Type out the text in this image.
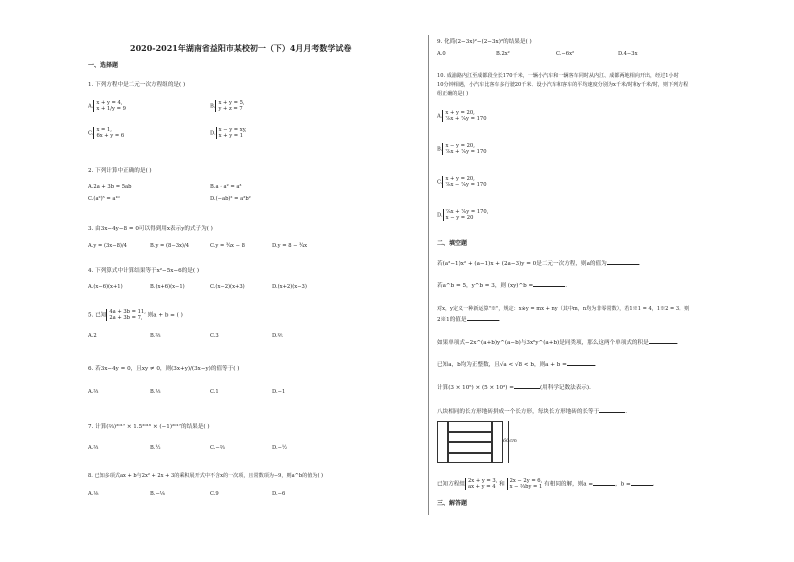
2020-2021年湖南省益阳市某校初一（下）4月月考数学试卷
一、选择题
1. 下列方程中是二元一次方程组的是( )
A.x + y = 4,
x + 1/y = 9	B.x + y = 5,
y + z = 7
C.x = 1,
6x + y = 6	D.x − y = xy,
x + y = 1
2. 下列计算中正确的是( )
A.2a + 3b = 5ab	B.a · a² = a³
C.(a²)⁵ = a¹⁰	D.(−ab)² = a²b²
3. 由3x−4y−8 = 0可以得到用x表示y的式子为( )
A.y = (3x−8)/4	B.y = (8−3x)/4	C.y = ¾x − 8	D.y = 8 − ¾x
4. 下列算式中计算结果等于x²−5x−6的是( )
A.(x−6)(x+1)	B.(x+6)(x−1)	C.(x−2)(x+3)	D.(x+2)(x−3)
5. 已知4a + 3b = 11,
2a + 3b = 7, 则a + b = ( )
A.2	B.⅔	C.3	D.⅖
6. 若3x−4y = 0，且xy ≠ 0，则(3x+y)/(3x−y)的值等于( )
A.⅔	B.⅓	C.1	D.−1
7. 计算(⅔)²⁰¹⁷ × 1.5²⁰¹⁶ × (−1)²⁰¹⁷的结果是( )
A.⅔	B.½	C.−⅔	D.−½
8. 已知多项式ax + b与2x² + 2x + 3的乘积展开式中不含x的一次项，且常数项为−9，则a^b的值为( )
A.⅛	B.−⅛	C.9	D.−6
9. 化简(2−3x)²−(2−3x)²的结果是( )
A.0	B.2x²	C.−6x²	D.4−3x
10. 成渝路内江至成都段全长170千米，一辆小汽车和一辆客车同时从内江、成都两地相向开出，经过1小时
10分钟相遇，小汽车比客车多行驶20千米．设小汽车和客车的平均速度分别为x千米/时和y千米/时，则下列方程
组正确的是( )
A.x + y = 20,
⁷⁄₆x + ⁷⁄₆y = 170
B.x − y = 20,
⁷⁄₆x + ⁷⁄₆y = 170
C.x + y = 20,
⁷⁄₆x − ⁷⁄₆y = 170
D.⁷⁄₆x + ⁷⁄₆y = 170,
x − y = 20
二、填空题
若(a²−1)x² + (a−1)x + (2a−3)y = 0是二元一次方程，则a的值为	．
若a^b = 5，y^b = 3，则 (xy)^b =	．
对x，y定义一种新运算"※"，规定：x※y = mx + ny（其中m，n均为非零常数），若1※1 = 4，1※2 = 3．则
2※1的值是	．
如果单项式−2x^(a+b)y^(a−b)与3x⁶y^(a+b)是同类项，那么这两个单项式的积是	．
已知a，b均为正整数，且√a < √8 < b，则a + b =	．
计算(3 × 10⁵) × (5 × 10²) =	(用科学记数法表示)．
八块相同的长方形地砖拼成一个长方形，每块长方形地砖的长等于	．
60cm
已知方程组2x + y = 3,
ax + y = 4 和 2x − 2y = 6,
x − ⅔by = 1 有相同的解，则a =	，b =	．
三、解答题
